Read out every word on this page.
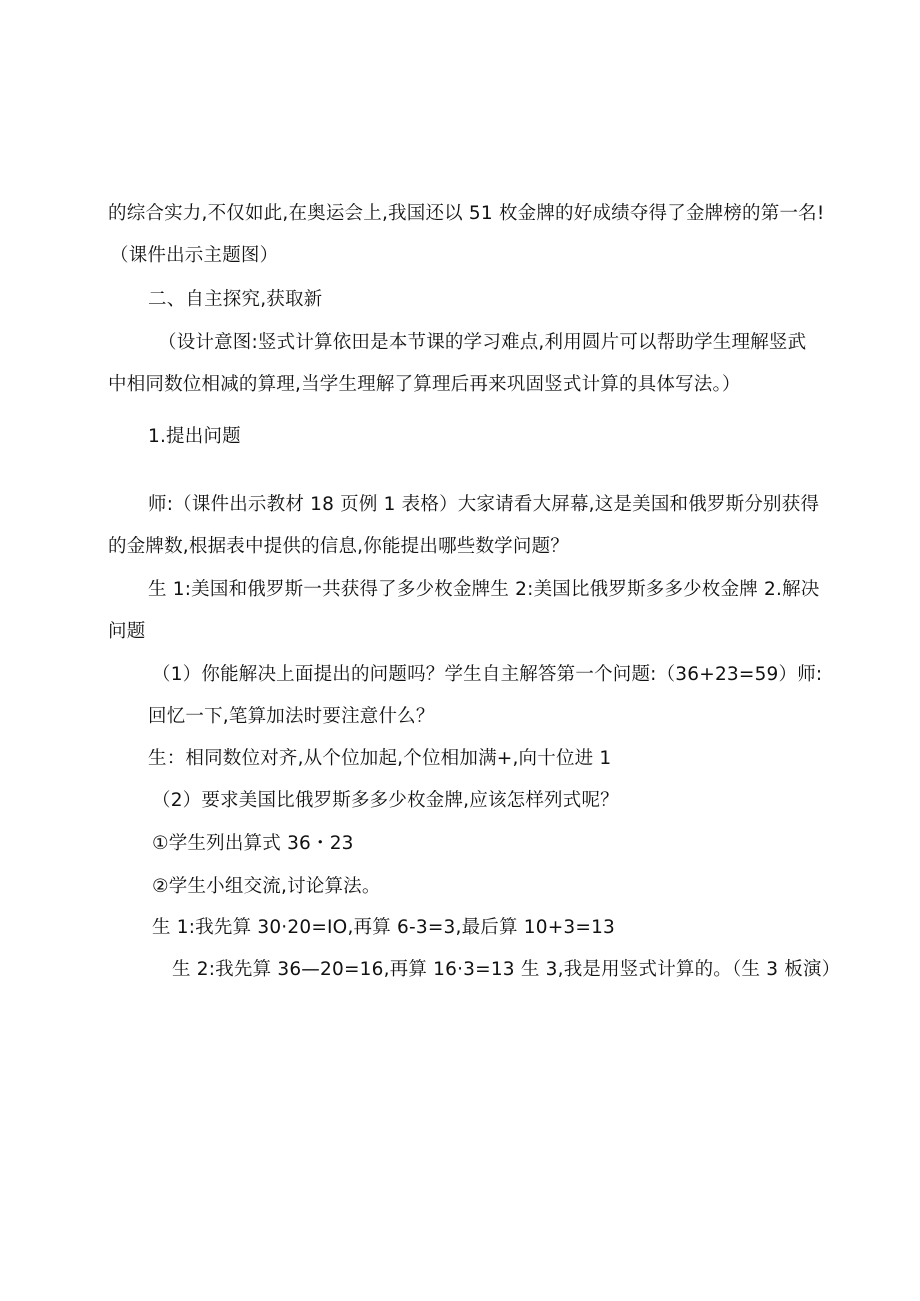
的综合实力,不仅如此,在奥运会上,我国还以 51 枚金牌的好成绩夺得了金牌榜的第一名!
（课件出示主题图）
二、自主探究,获取新
（设计意图:竖式计算依田是本节课的学习难点,利用圆片可以帮助学生理解竖武
中相同数位相减的算理,当学生理解了算理后再来巩固竖式计算的具体写法。）
1.提出问题
师:（课件出示教材 18 页例 1 表格）大家请看大屏幕,这是美国和俄罗斯分别获得
的金牌数,根据表中提供的信息,你能提出哪些数学问题？
生 1:美国和俄罗斯一共获得了多少枚金牌生 2:美国比俄罗斯多多少枚金牌 2.解决
问题
（1）你能解决上面提出的问题吗？学生自主解答第一个问题:（36+23=59）师:
回忆一下,笔算加法时要注意什么？
生：相同数位对齐,从个位加起,个位相加满+,向十位进 1
（2）要求美国比俄罗斯多多少枚金牌,应该怎样列式呢？
①学生列出算式 36・23
②学生小组交流,讨论算法。
生 1:我先算 30·20=IO,再算 6-3=3,最后算 10+3=13
生 2:我先算 36—20=16,再算 16·3=13 生 3,我是用竖式计算的。（生 3 板演）
